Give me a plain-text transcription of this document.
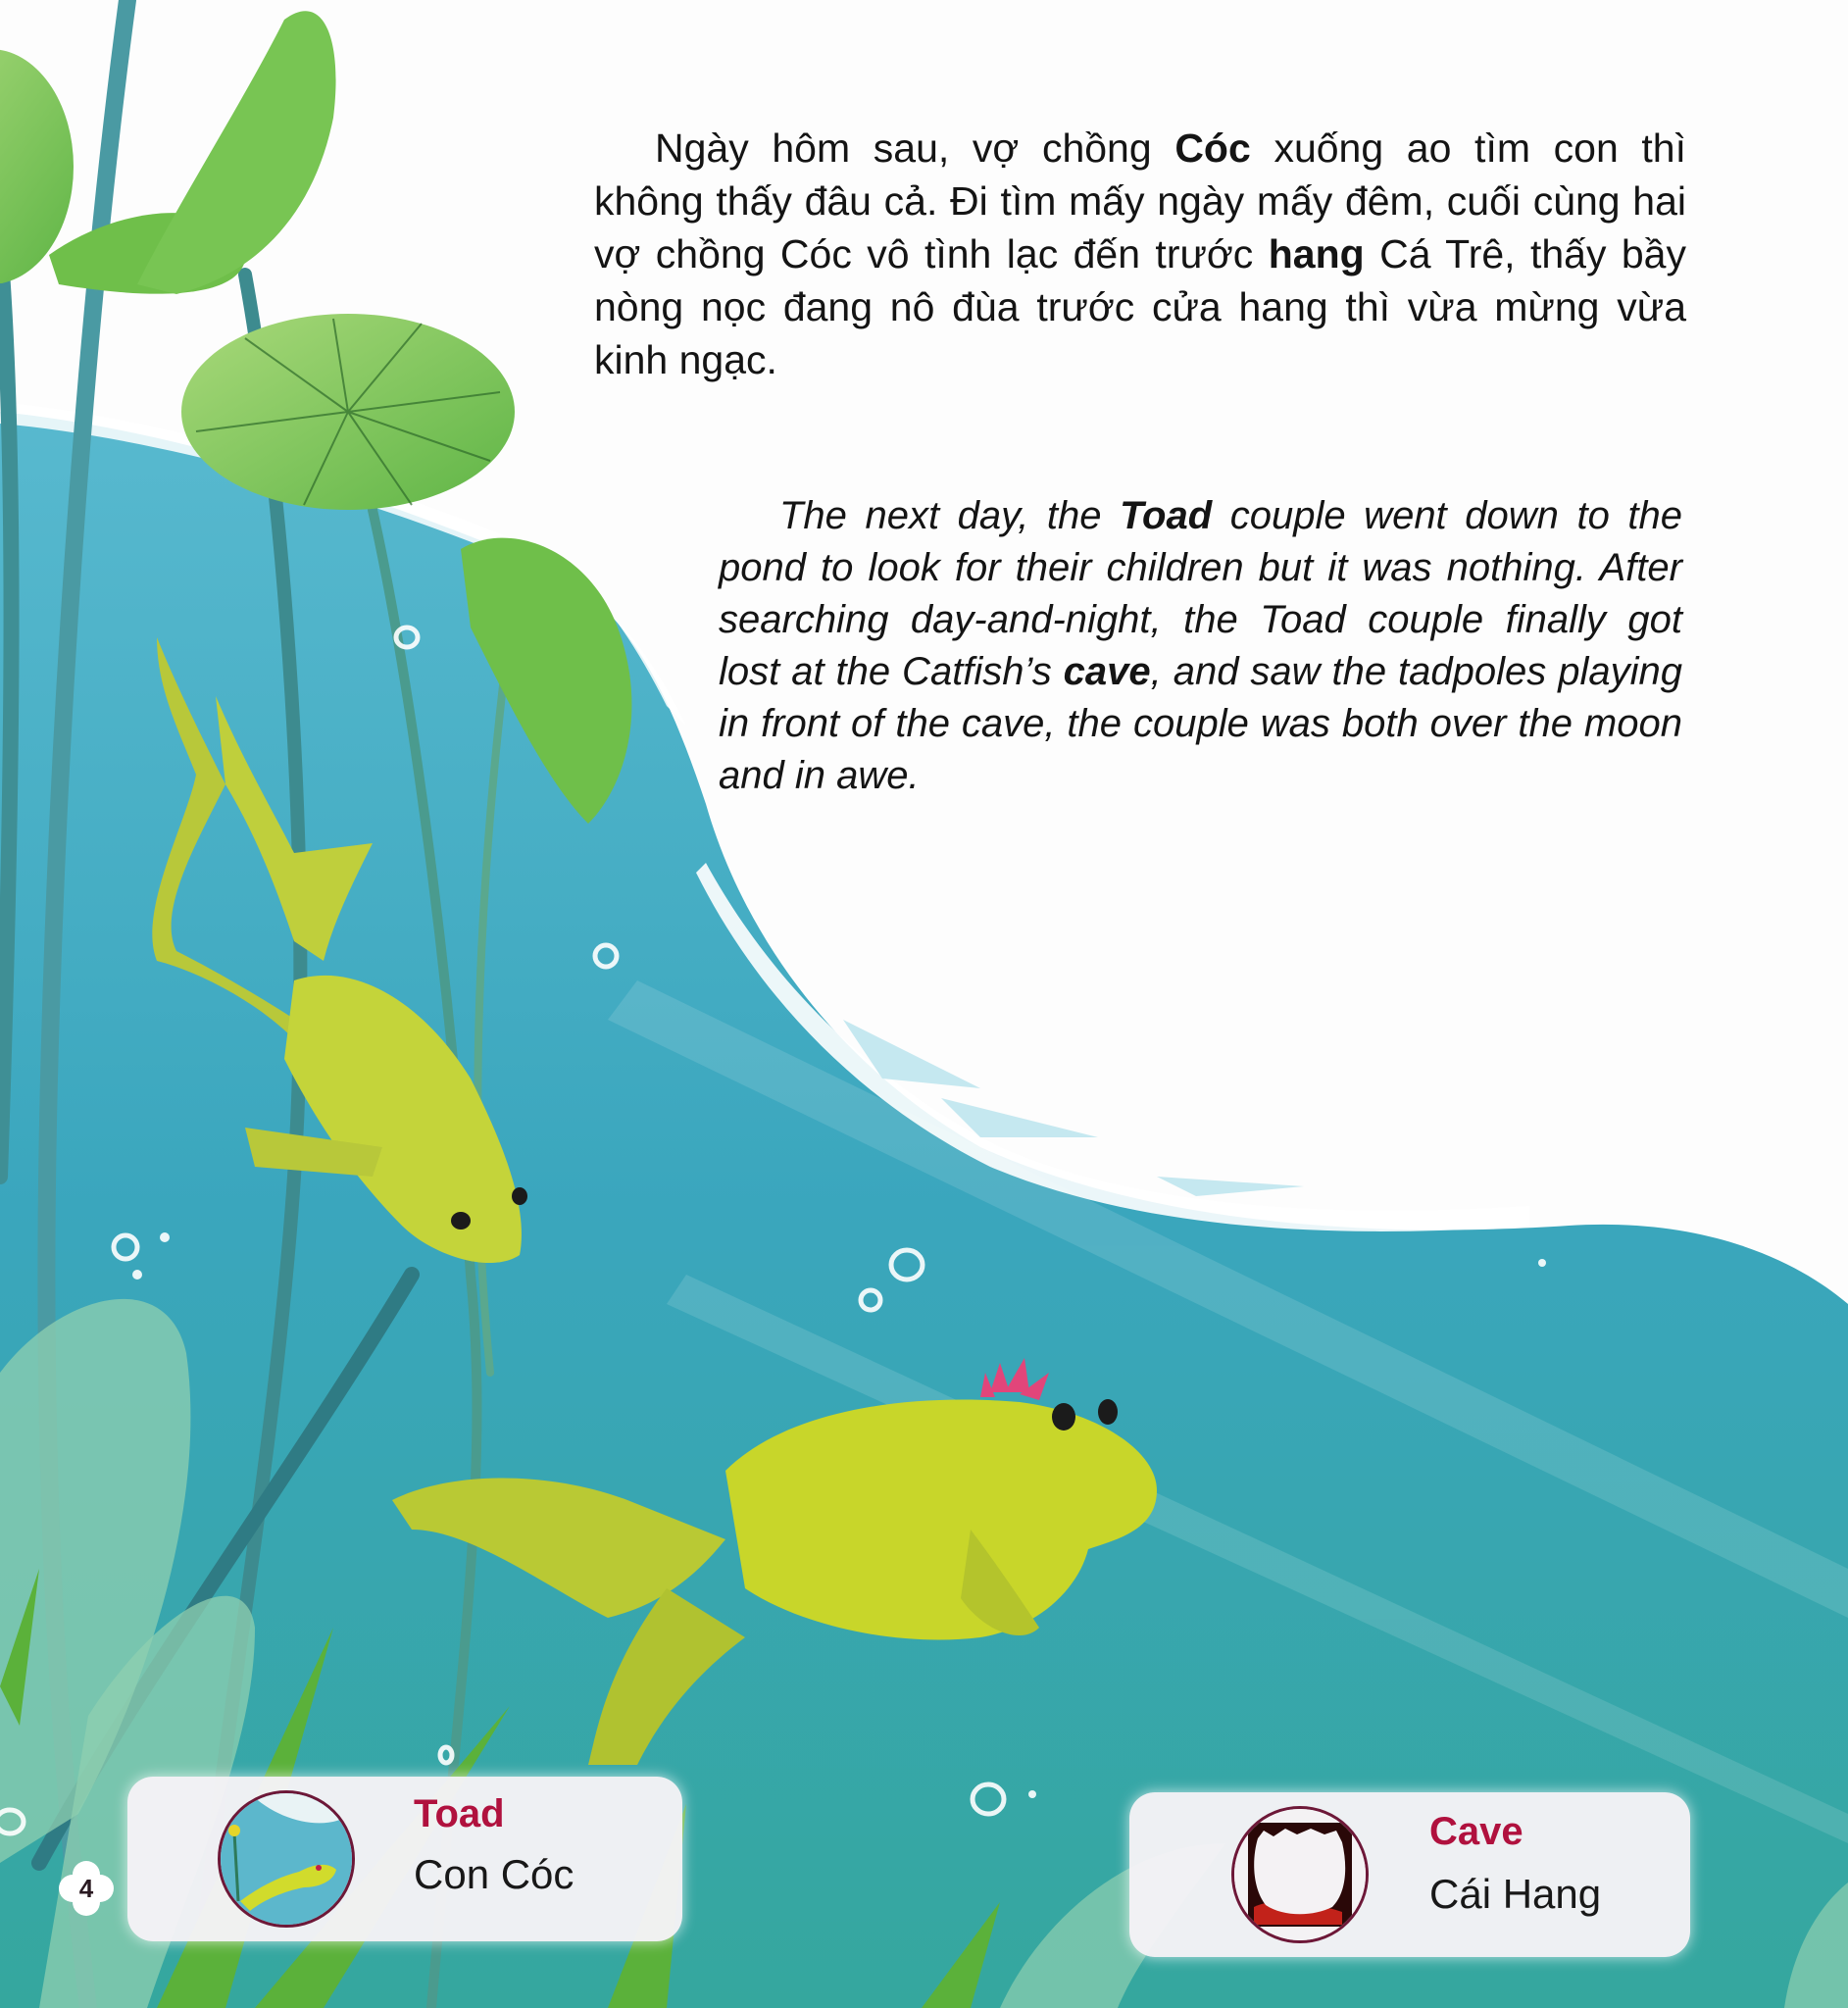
Ngày hôm sau, vợ chồng Cóc xuống ao tìm con thì không thấy đâu cả. Đi tìm mấy ngày mấy đêm, cuối cùng hai vợ chồng Cóc vô tình lạc đến trước hang Cá Trê, thấy bầy nòng nọc đang nô đùa trước cửa hang thì vừa mừng vừa kinh ngạc.

The next day, the Toad couple went down to the pond to look for their children but it was nothing. After searching day-and-night, the Toad couple finally got lost at the Catfish’s cave, and saw the tadpoles playing in front of the cave, the couple was both over the moon and in awe.

4
Toad
Con Cóc
Cave
Cái Hang
